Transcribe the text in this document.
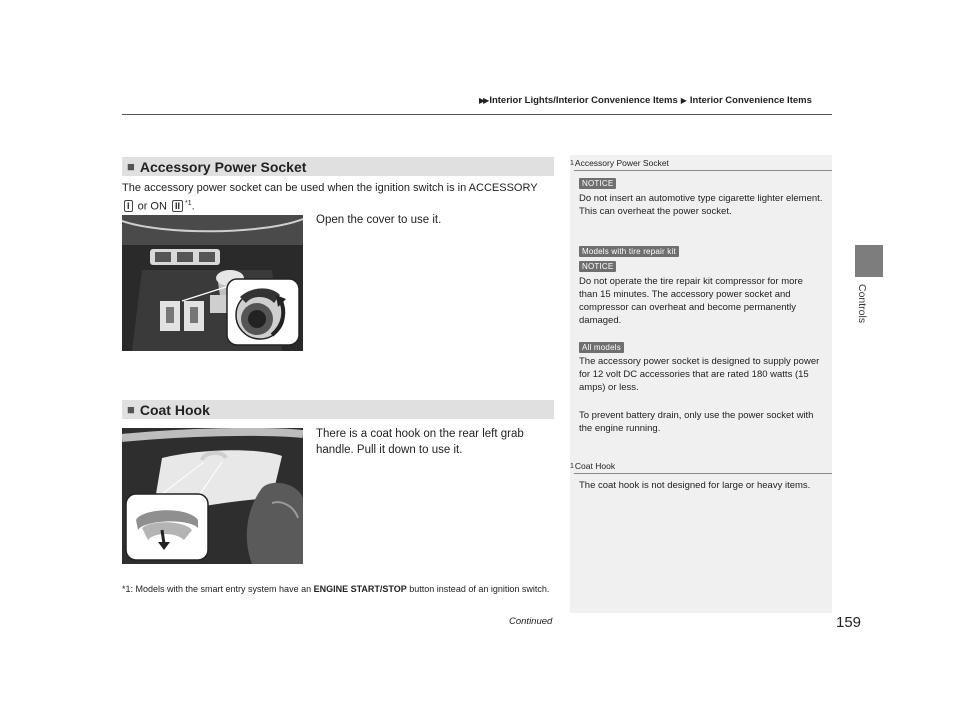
▶▶ Interior Lights/Interior Convenience Items ▶ Interior Convenience Items
Controls
■ Accessory Power Socket
The accessory power socket can be used when the ignition switch is in ACCESSORY
I or ON II $^{*1}$.
Open the cover to use it.
■ Coat Hook
There is a coat hook on the rear left grab handle. Pull it down to use it.
*1: Models with the smart entry system have an ENGINE START/STOP button instead of an ignition switch.
Continued	159
1Accessory Power Socket
NOTICE
Do not insert an automotive type cigarette lighter element.
This can overheat the power socket.
Models with tire repair kit
NOTICE
Do not operate the tire repair kit compressor for more than 15 minutes. The accessory power socket and compressor can overheat and become permanently damaged.
All models
The accessory power socket is designed to supply power for 12 volt DC accessories that are rated 180 watts (15 amps) or less.
To prevent battery drain, only use the power socket with the engine running.
1Coat Hook
The coat hook is not designed for large or heavy items.
